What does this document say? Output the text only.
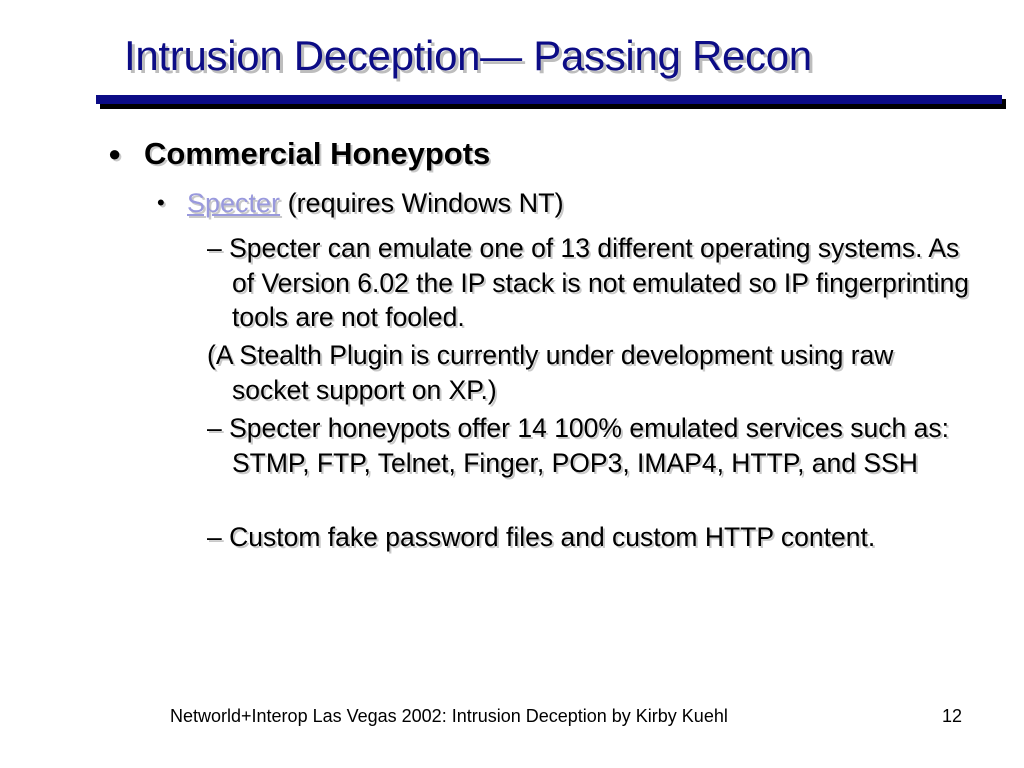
Intrusion Deception— Passing Recon
● Commercial Honeypots
• Specter (requires Windows NT)
– Specter can emulate one of 13 different operating systems. As of Version 6.02 the IP stack is not emulated so IP fingerprinting tools are not fooled.
(A Stealth Plugin is currently under development using raw socket support on XP.)
– Specter honeypots offer 14 100% emulated services such as: STMP, FTP, Telnet, Finger, POP3, IMAP4, HTTP, and SSH
– Custom fake password files and custom HTTP content.
Networld+Interop Las Vegas 2002: Intrusion Deception by Kirby Kuehl	12
